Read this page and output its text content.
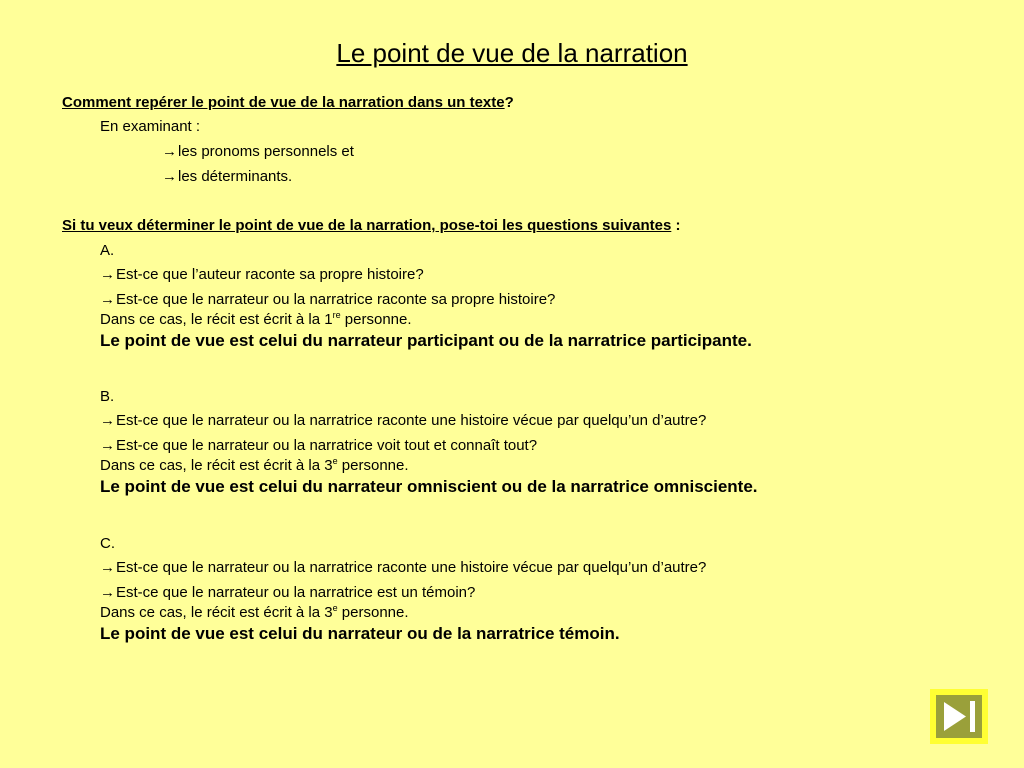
Le point de vue de la narration
Comment repérer le point de vue de la narration dans un texte?
En examinant :
→les pronoms personnels et
→les déterminants.
Si tu veux déterminer le point de vue de la narration, pose-toi les questions suivantes :
A.
→Est-ce que l’auteur raconte sa propre histoire?
→Est-ce que le narrateur ou la narratrice raconte sa propre histoire?
Dans ce cas, le récit est écrit à la 1re personne.
Le point de vue est celui du narrateur participant ou de la narratrice participante.
B.
→Est-ce que le narrateur ou la narratrice raconte une histoire vécue par quelqu’un d’autre?
→Est-ce que le narrateur ou la narratrice voit tout et connaît tout?
Dans ce cas, le récit est écrit à la 3e personne.
Le point de vue est celui du narrateur omniscient ou de la narratrice omnisciente.
C.
→Est-ce que le narrateur ou la narratrice raconte une histoire vécue par quelqu’un d’autre?
→Est-ce que le narrateur ou la narratrice est un témoin?
Dans ce cas, le récit est écrit à la 3e personne.
Le point de vue est celui du narrateur ou de la narratrice témoin.
